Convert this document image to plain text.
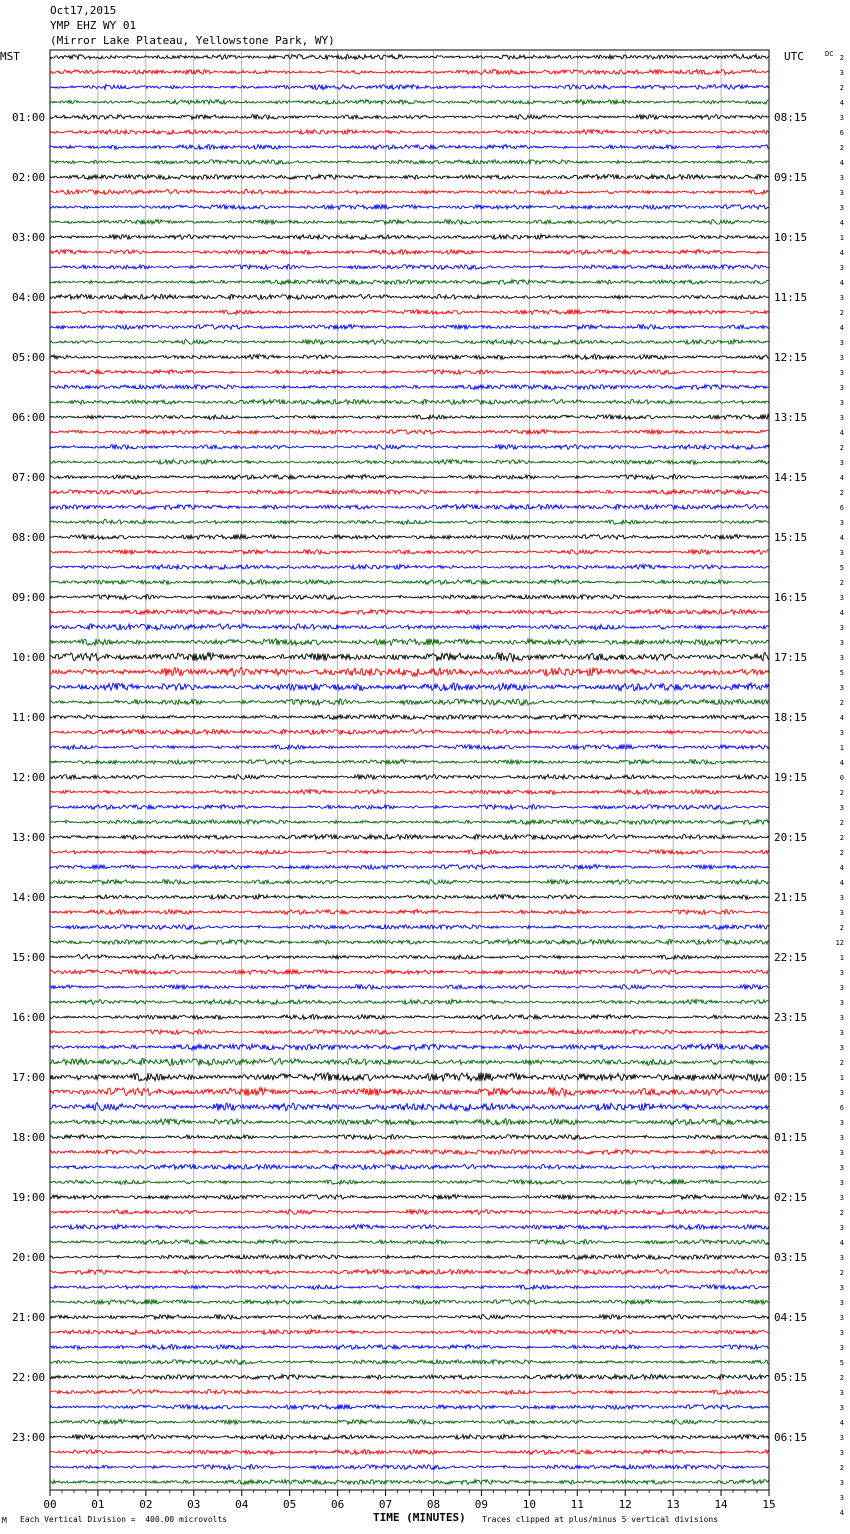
Oct17,2015
YMP EHZ WY 01
(Mirror Lake Plateau, Yellowstone Park, WY)
01:00
02:00
03:00
04:00
05:00
06:00
07:00
08:00
09:00
10:00
11:00
12:00
13:00
14:00
15:00
16:00
17:00
18:00
19:00
20:00
21:00
22:00
23:00
08:15
09:15
10:15
11:15
12:15
13:15
14:15
15:15
16:15
17:15
18:15
19:15
20:15
21:15
22:15
23:15
00:15
01:15
02:15
03:15
04:15
05:15
06:15
2
3
2
4
3
6
2
4
3
3
3
4
1
4
3
4
3
2
4
3
3
3
3
3
3
4
2
3
4
2
6
3
4
3
5
2
3
4
3
3
3
5
3
2
4
3
1
4
0
2
3
2
2
2
4
4
3
3
2
12
1
3
3
3
3
3
3
2
1
3
6
3
3
3
3
3
3
2
3
4
3
2
3
3
3
3
3
5
2
3
3
4
3
3
2
3
3
4
00	01	02	03	04	05	06	07	08	09	10	11	12	13	14	15
MST	UTC	DC
TIME (MINUTES)
M Each Vertical Division =  400.00 microvolts	Traces clipped at plus/minus 5 vertical divisions
